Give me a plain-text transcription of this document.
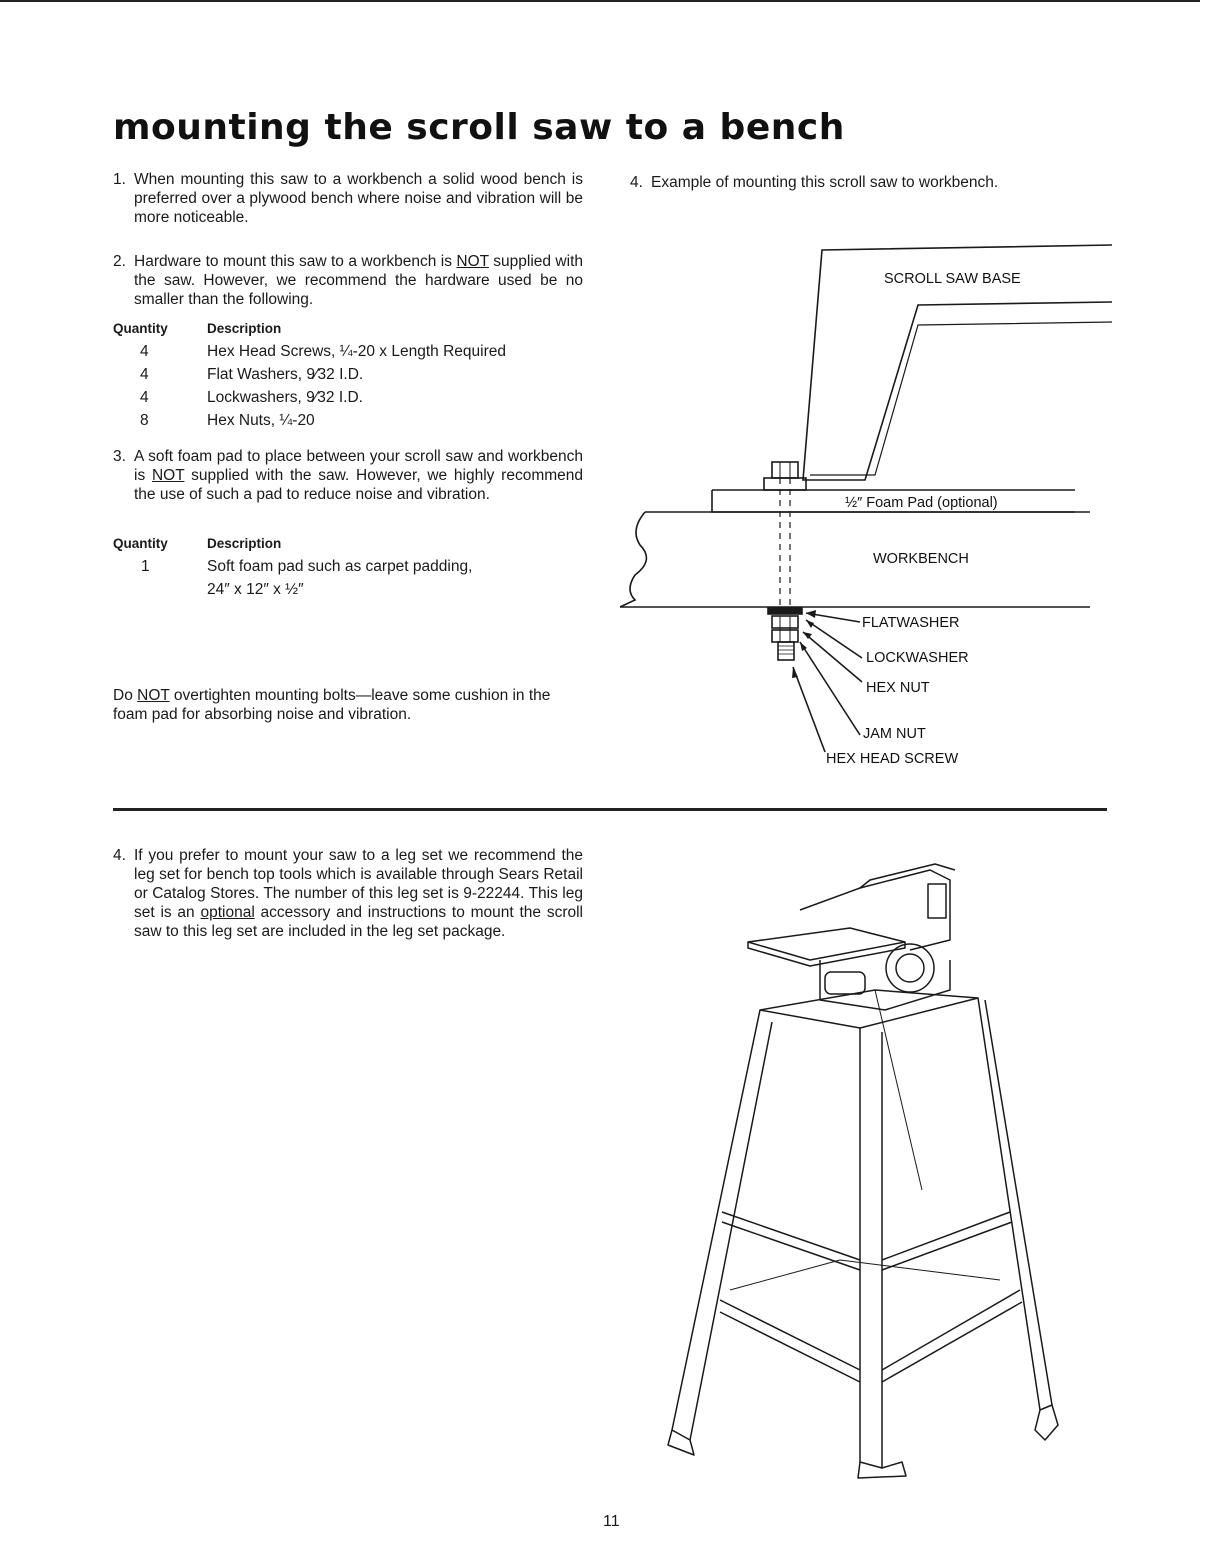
mounting the scroll saw to a bench
1. When mounting this saw to a workbench a solid wood bench is preferred over a plywood bench where noise and vibration will be more noticeable.
2. Hardware to mount this saw to a workbench is NOT supplied with the saw. However, we recommend the hardware used be no smaller than the following.
Quantity	Description
4	Hex Head Screws, ¼-20 x Length Required
4	Flat Washers, 9⁄32 I.D.
4	Lockwashers, 9⁄32 I.D.
8	Hex Nuts, ¼-20
3. A soft foam pad to place between your scroll saw and workbench is NOT supplied with the saw. However, we highly recommend the use of such a pad to reduce noise and vibration.
Quantity	Description
1	Soft foam pad such as carpet padding,
24″ x 12″ x ½″
Do NOT overtighten mounting bolts—leave some cushion in the foam pad for absorbing noise and vibration.
4. Example of mounting this scroll saw to workbench.
SCROLL SAW BASE
½″ Foam Pad (optional)
WORKBENCH
FLATWASHER
LOCKWASHER
HEX NUT
JAM NUT
HEX HEAD SCREW
4. If you prefer to mount your saw to a leg set we recommend the leg set for bench top tools which is available through Sears Retail or Catalog Stores. The number of this leg set is 9-22244. This leg set is an optional accessory and instructions to mount the scroll saw to this leg set are included in the leg set package.
11
